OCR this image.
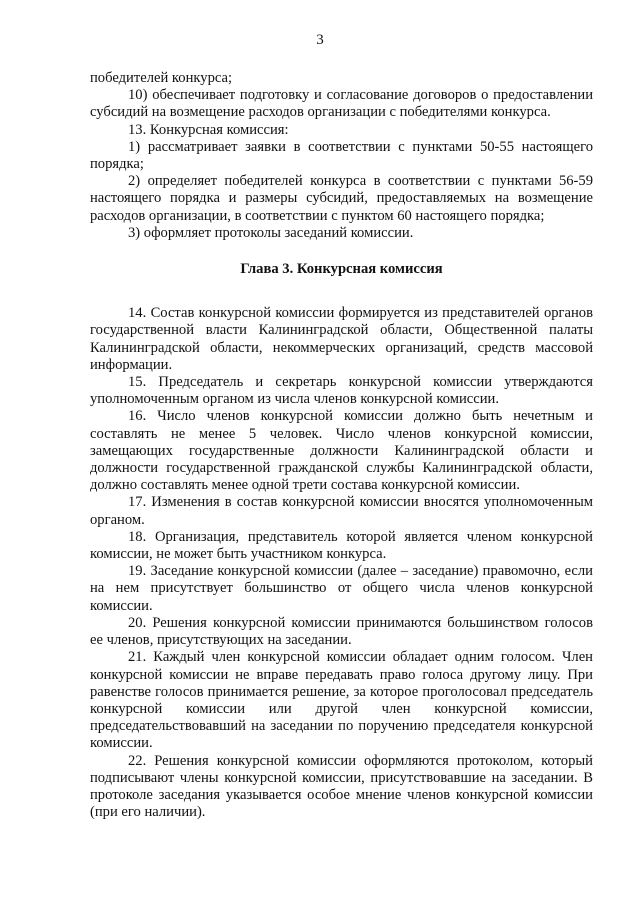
3

победителей конкурса;

10) обеспечивает подготовку и согласование договоров о предоставлении субсидий на возмещение расходов организации с победителями конкурса.

13. Конкурсная комиссия:

1) рассматривает заявки в соответствии с пунктами 50-55 настоящего порядка;

2) определяет победителей конкурса в соответствии с пунктами 56-59 настоящего порядка и размеры субсидий, предоставляемых на возмещение расходов организации, в соответствии с пунктом 60 настоящего порядка;

3) оформляет протоколы заседаний комиссии.

Глава 3. Конкурсная комиссия

14. Состав конкурсной комиссии формируется из представителей органов государственной власти Калининградской области, Общественной палаты Калининградской области, некоммерческих организаций, средств массовой информации.

15. Председатель и секретарь конкурсной комиссии утверждаются уполномоченным органом из числа членов конкурсной комиссии.

16. Число членов конкурсной комиссии должно быть нечетным и составлять не менее 5 человек. Число членов конкурсной комиссии, замещающих государственные должности Калининградской области и должности государственной гражданской службы Калининградской области, должно составлять менее одной трети состава конкурсной комиссии.

17. Изменения в состав конкурсной комиссии вносятся уполномоченным органом.

18. Организация, представитель которой является членом конкурсной комиссии, не может быть участником конкурса.

19. Заседание конкурсной комиссии (далее – заседание) правомочно, если на нем присутствует большинство от общего числа членов конкурсной комиссии.

20. Решения конкурсной комиссии принимаются большинством голосов ее членов, присутствующих на заседании.

21. Каждый член конкурсной комиссии обладает одним голосом. Член конкурсной комиссии не вправе передавать право голоса другому лицу. При равенстве голосов принимается решение, за которое проголосовал председатель конкурсной комиссии или другой член конкурсной комиссии, председательствовавший на заседании по поручению председателя конкурсной комиссии.

22. Решения конкурсной комиссии оформляются протоколом, который подписывают члены конкурсной комиссии, присутствовавшие на заседании. В протоколе заседания указывается особое мнение членов конкурсной комиссии (при его наличии).
